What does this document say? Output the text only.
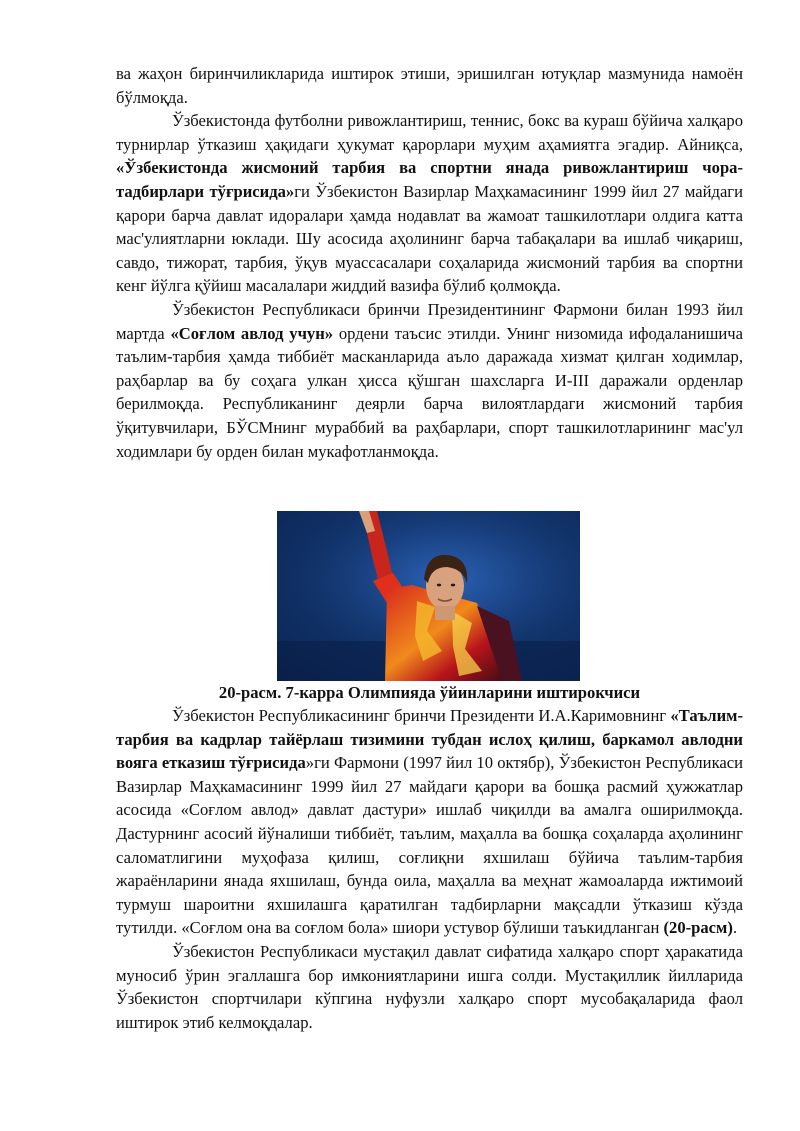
ва жаҳон биринчиликларида иштирок этиши, эришилган ютуқлар мазмунида намоён бўлмоқда.

Ўзбекистонда футболни ривожлантириш, теннис, бокс ва кураш бўйича халқаро турнирлар ўтказиш ҳақидаги ҳукумат қарорлари муҳим аҳамиятга эгадир. Айниқса, «Ўзбекистонда жисмоний тарбия ва спортни янада ривожлантириш чора-тадбирлари тўғрисида»ги Ўзбекистон Вазирлар Маҳкамасининг 1999 йил 27 майдаги қарори барча давлат идоралари ҳамда нодавлат ва жамоат ташкилотлари олдига катта мас'улиятларни юклади. Шу асосида аҳолининг барча табақалари ва ишлаб чиқариш, савдо, тижорат, тарбия, ўқув муассасалари соҳаларида жисмоний тарбия ва спортни кенг йўлга қўйиш масалалари жиддий вазифа бўлиб қолмоқда.

Ўзбекистон Республикаси бринчи Президентининг Фармони билан 1993 йил мартда «Соғлом авлод учун» ордени таъсис этилди. Унинг низомида ифодаланишича таълим-тарбия ҳамда тиббиёт масканларида аъло даражада хизмат қилган ходимлар, раҳбарлар ва бу соҳага улкан ҳисса қўшган шахсларга И-III даражали орденлар берилмоқда. Республиканинг деярли барча вилоятлардаги жисмоний тарбия ўқитувчилари, БЎСМнинг мураббий ва раҳбарлари, спорт ташкилотларининг мас'ул ходимлари бу орден билан мукафотланмоқда.

20-расм. 7-карра Олимпияда ўйинларини иштирокчиси

Ўзбекистон Республикасининг бринчи Президенти И.А.Каримовнинг «Таълим-тарбия ва кадрлар тайёрлаш тизимини тубдан ислоҳ қилиш, баркамол авлодни вояга етказиш тўғрисида»ги Фармони (1997 йил 10 октябр), Ўзбекистон Республикаси Вазирлар Маҳкамасининг 1999 йил 27 майдаги қарори ва бошқа расмий ҳужжатлар асосида «Соғлом авлод» давлат дастури» ишлаб чиқилди ва амалга оширилмоқда. Дастурнинг асосий йўналиши тиббиёт, таълим, маҳалла ва бошқа соҳаларда аҳолининг саломатлигини муҳофаза қилиш, соғлиқни яхшилаш бўйича таълим-тарбия жараёнларини янада яхшилаш, бунда оила, маҳалла ва меҳнат жамоаларда ижтимоий турмуш шароитни яхшилашга қаратилган тадбирларни мақсадли ўтказиш кўзда тутилди. «Соғлом она ва соғлом бола» шиори устувор бўлиши таъкидланган (20-расм).

Ўзбекистон Республикаси мустақил давлат сифатида халқаро спорт ҳаракатида муносиб ўрин эгаллашга бор имкониятларини ишга солди. Мустақиллик йилларида Ўзбекистон спортчилари кўпгина нуфузли халқаро спорт мусобақаларида фаол иштирок этиб келмоқдалар.
